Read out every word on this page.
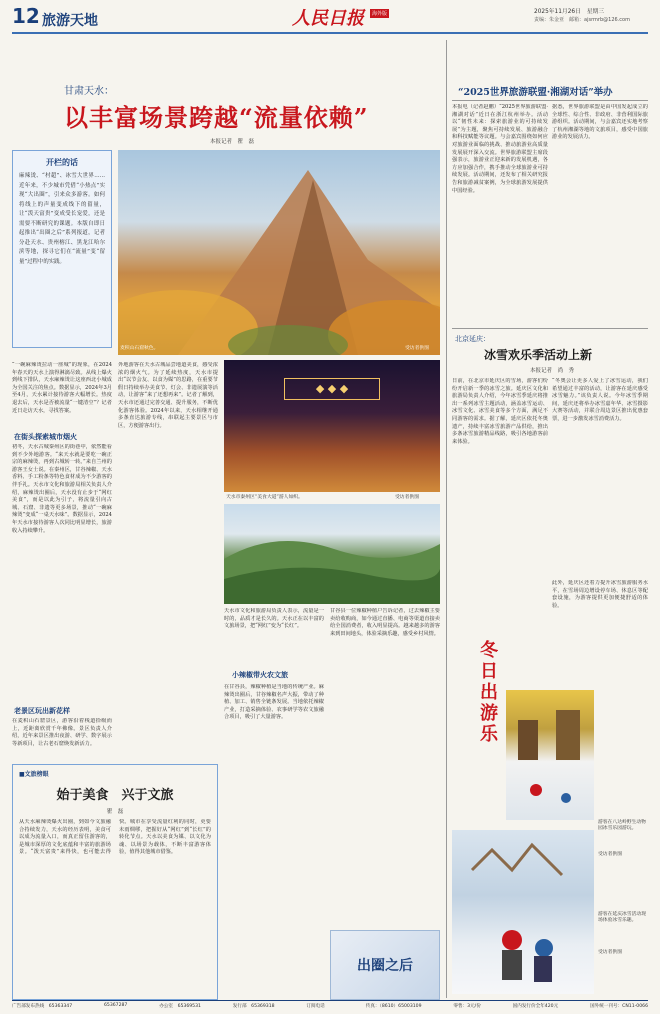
12 旅游天地	人民日报	海外版	2025年11月26日　星期三
责编：朱金亚　邮箱：ajsrmrb@126.com
甘肃天水：
以丰富场景跨越“流量依赖”
本报记者　瞿　磊
开栏的话
麻辣烫、“村超”、冰雪大世界……近年来，不少城市凭借“小热点”实现“大出圈”，引来众多游客。如何将线上的声量变成线下的留量，让“泼天富贵”变成受长宠爱，还是需要不断研究的课题。本版自即日起推出“出圈之后”系列报道，记者分赴天水、贵州榕江、黑龙江哈尔滨等地，探寻它们在“流量”变“留量”过程中的实践。
麦积山石窟秋色。	受访者供图
“一碗麻辣烫拉动一座城”的现象，在2024年春天的天水上演得淋漓尽致。从线上爆火到线下排队，天水麻辣烫让这座西北小城成为全国关注的焦点。数据显示，2024年3月至4月，天水累计接待游客大幅增长。热度退去后，天水是否被流量“一键清空”？记者近日走访天水，寻找答案。
在街头探索城市烟火
初冬，天水古城秦州区的街巷中，依然能看到不少外地游客。“来天水就是要吃一碗正宗的麻辣烫，再到古城转一转。”来自兰州的游客王女士说。在秦州区，甘谷辣椒、天水香料、手工粉条等特色食材成为不少游客的伴手礼。天水市文化和旅游局相关负责人介绍，麻辣烫出圈后，天水没有止步于“网红美食”，而是以此为引子，将流量引向古城、石窟、非遗等更多场景，推动“一碗麻辣烫”变成“一桌天水味”。数据显示，2024年天水市接待游客人次同比明显增长，旅游收入持续攀升。
老景区玩出新花样
在麦积山石窟景区，游客沿着栈道拾级而上，近距离欣赏千年佛像。景区负责人介绍，近年来景区推出夜游、研学、数字展示等新项目，让古老石窟焕发新活力。
外地游客在天水古城品尝地道美食，感受浓浓的烟火气。为了延续热度，天水市提出“以节会友、以食为媒”的思路，在重要节假日持续举办美食节、灯会、非遗展演等活动，让游客“来了还想再来”。记者了解到，天水市还通过完善交通、提升服务，不断优化游客体验。2024年以来，天水相继开通多条直达旅游专线，串联起主要景区与市区，方便游客出行。
◆ ◆ ◆
天水市秦州区“美食大道”游人如织。	受访者供图
天水市文化和旅游局负责人表示，流量是一时的，品质才是长久的。天水正在以丰富的文旅场景，把“网红”变为“长红”。
小辣椒带火农文旅
在甘谷县，辣椒种植是当地的传统产业。麻辣烫出圈后，甘谷辣椒名声大振，带动了种植、加工、销售全链条发展。当地依托辣椒产业，打造采摘体验、农事研学等农文旅融合项目，吸引了大量游客。
甘谷县一位辣椒种植户告诉记者，过去辣椒主要卖给收购商，如今通过直播、电商等渠道直接卖给全国消费者，收入明显提高。越来越多的游客来到田间地头，体验采摘乐趣，感受乡村风情。
■文旅榜眼
始于美食　兴于文旅
瞿　磊
从天水麻辣烫爆火出圈，到如今文旅融合持续发力，天水的经历表明，美食可以成为流量入口，而真正留住游客的，是城市深厚的文化底蕴和丰富的旅游场景。“泼天富贵”来得快，也可能去得快。城市在享受流量红利的同时，更要未雨绸缪，把握好从“网红”到“长红”的转化节点。天水以美食为媒、以文化为魂、以场景为载体，不断丰富游客体验，值得其他城市借鉴。
出圈之后
“2025世界旅游联盟·湘湖对话”举办
本报电（记者赵鹏）“2025世界旅游联盟·湘湖对话”近日在浙江杭州举办。活动以“韧性未来：探索旅游业的可持续发展”为主题，聚焦可持续发展、旅游融合和科技赋能等议题。与会嘉宾围绕如何应对旅游业面临的挑战、推动旅游业高质量发展展开深入交流。世界旅游联盟主席段强表示，旅游业正迎来新的发展机遇，各方应加强合作，携手推动全球旅游业可持续发展。活动期间，还发布了相关研究报告和旅游减贫案例，为全球旅游发展提供中国经验。
据悉，世界旅游联盟是由中国发起成立的全球性、综合性、非政府、非营利国际旅游组织。活动期间，与会嘉宾还实地考察了杭州湘湖等地的文旅项目，感受中国旅游业的发展活力。
北京延庆：
冰雪欢乐季活动上新
本报记者　尚　秀
日前，在北京市延庆区的雪场，游客们纷纷开启新一季的冰雪之旅。延庆区文化和旅游局负责人介绍，今年冰雪季延庆将推出一系列冰雪主题活动，涵盖冰雪运动、冰雪文化、冰雪美食等多个方面，满足不同游客的需求。据了解，延庆区依托冬奥遗产，持续丰富冰雪旅游产品供给，推出多条冰雪旅游精品线路，吸引各地游客前来体验。
“冬奥会让更多人爱上了冰雪运动，我们希望通过丰富的活动，让游客在延庆感受冰雪魅力。”该负责人说。今年冰雪季期间，延庆还将举办冰雪嘉年华、冰雪摄影大赛等活动，并联合周边景区推出优惠套票，进一步激发冰雪消费活力。
此外，延庆区还着力提升冰雪旅游服务水平，在雪场周边增设停车场、休息区等配套设施，为游客提供更加便捷舒适的体验。
冬日出游乐
游客在八达岭野生动物园冰雪乐园游玩。
受访者供图
游客在延庆冰雪活动现场体验冰雪乐趣。
受访者供图
广告部发布热线　65363347	65367287	办公室　65369531	发行部　65369318	订阅电话　　	传真：（8610）65003109	零售：3元/份	国内发行价全年420元	国外统一刊号：CN11-0066
